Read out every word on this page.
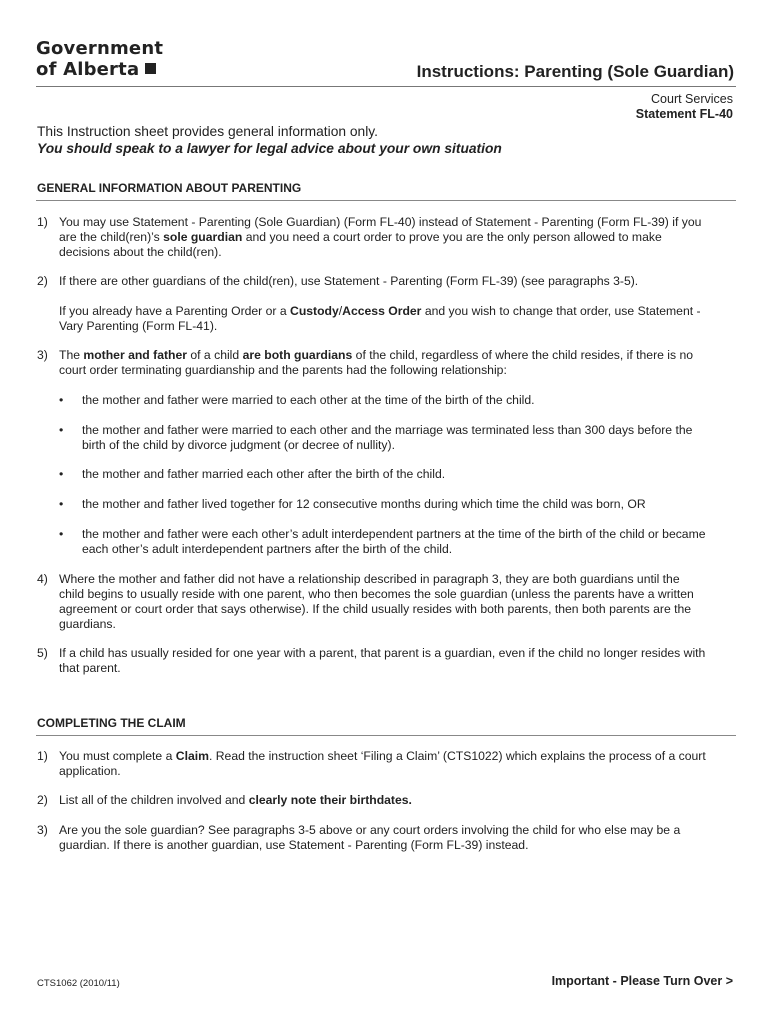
Government
of Alberta	Instructions: Parenting (Sole Guardian)
Court Services
Statement FL-40
This Instruction sheet provides general information only.
You should speak to a lawyer for legal advice about your own situation
GENERAL INFORMATION ABOUT PARENTING
1) You may use Statement - Parenting (Sole Guardian) (Form FL-40) instead of Statement - Parenting (Form FL-39) if you are the child(ren)’s sole guardian and you need a court order to prove you are the only person allowed to make decisions about the child(ren).
2) If there are other guardians of the child(ren), use Statement - Parenting (Form FL-39) (see paragraphs 3-5).
If you already have a Parenting Order or a Custody/Access Order and you wish to change that order, use Statement - Vary Parenting (Form FL-41).
3) The mother and father of a child are both guardians of the child, regardless of where the child resides, if there is no court order terminating guardianship and the parents had the following relationship:
• the mother and father were married to each other at the time of the birth of the child.
• the mother and father were married to each other and the marriage was terminated less than 300 days before the birth of the child by divorce judgment (or decree of nullity).
• the mother and father married each other after the birth of the child.
• the mother and father lived together for 12 consecutive months during which time the child was born, OR
• the mother and father were each other’s adult interdependent partners at the time of the birth of the child or became each other’s adult interdependent partners after the birth of the child.
4) Where the mother and father did not have a relationship described in paragraph 3, they are both guardians until the child begins to usually reside with one parent, who then becomes the sole guardian (unless the parents have a written agreement or court order that says otherwise). If the child usually resides with both parents, then both parents are the guardians.
5) If a child has usually resided for one year with a parent, that parent is a guardian, even if the child no longer resides with that parent.
COMPLETING THE CLAIM
1) You must complete a Claim. Read the instruction sheet ‘Filing a Claim’ (CTS1022) which explains the process of a court application.
2) List all of the children involved and clearly note their birthdates.
3) Are you the sole guardian? See paragraphs 3-5 above or any court orders involving the child for who else may be a guardian. If there is another guardian, use Statement - Parenting (Form FL-39) instead.
CTS1062 (2010/11)	Important - Please Turn Over >
